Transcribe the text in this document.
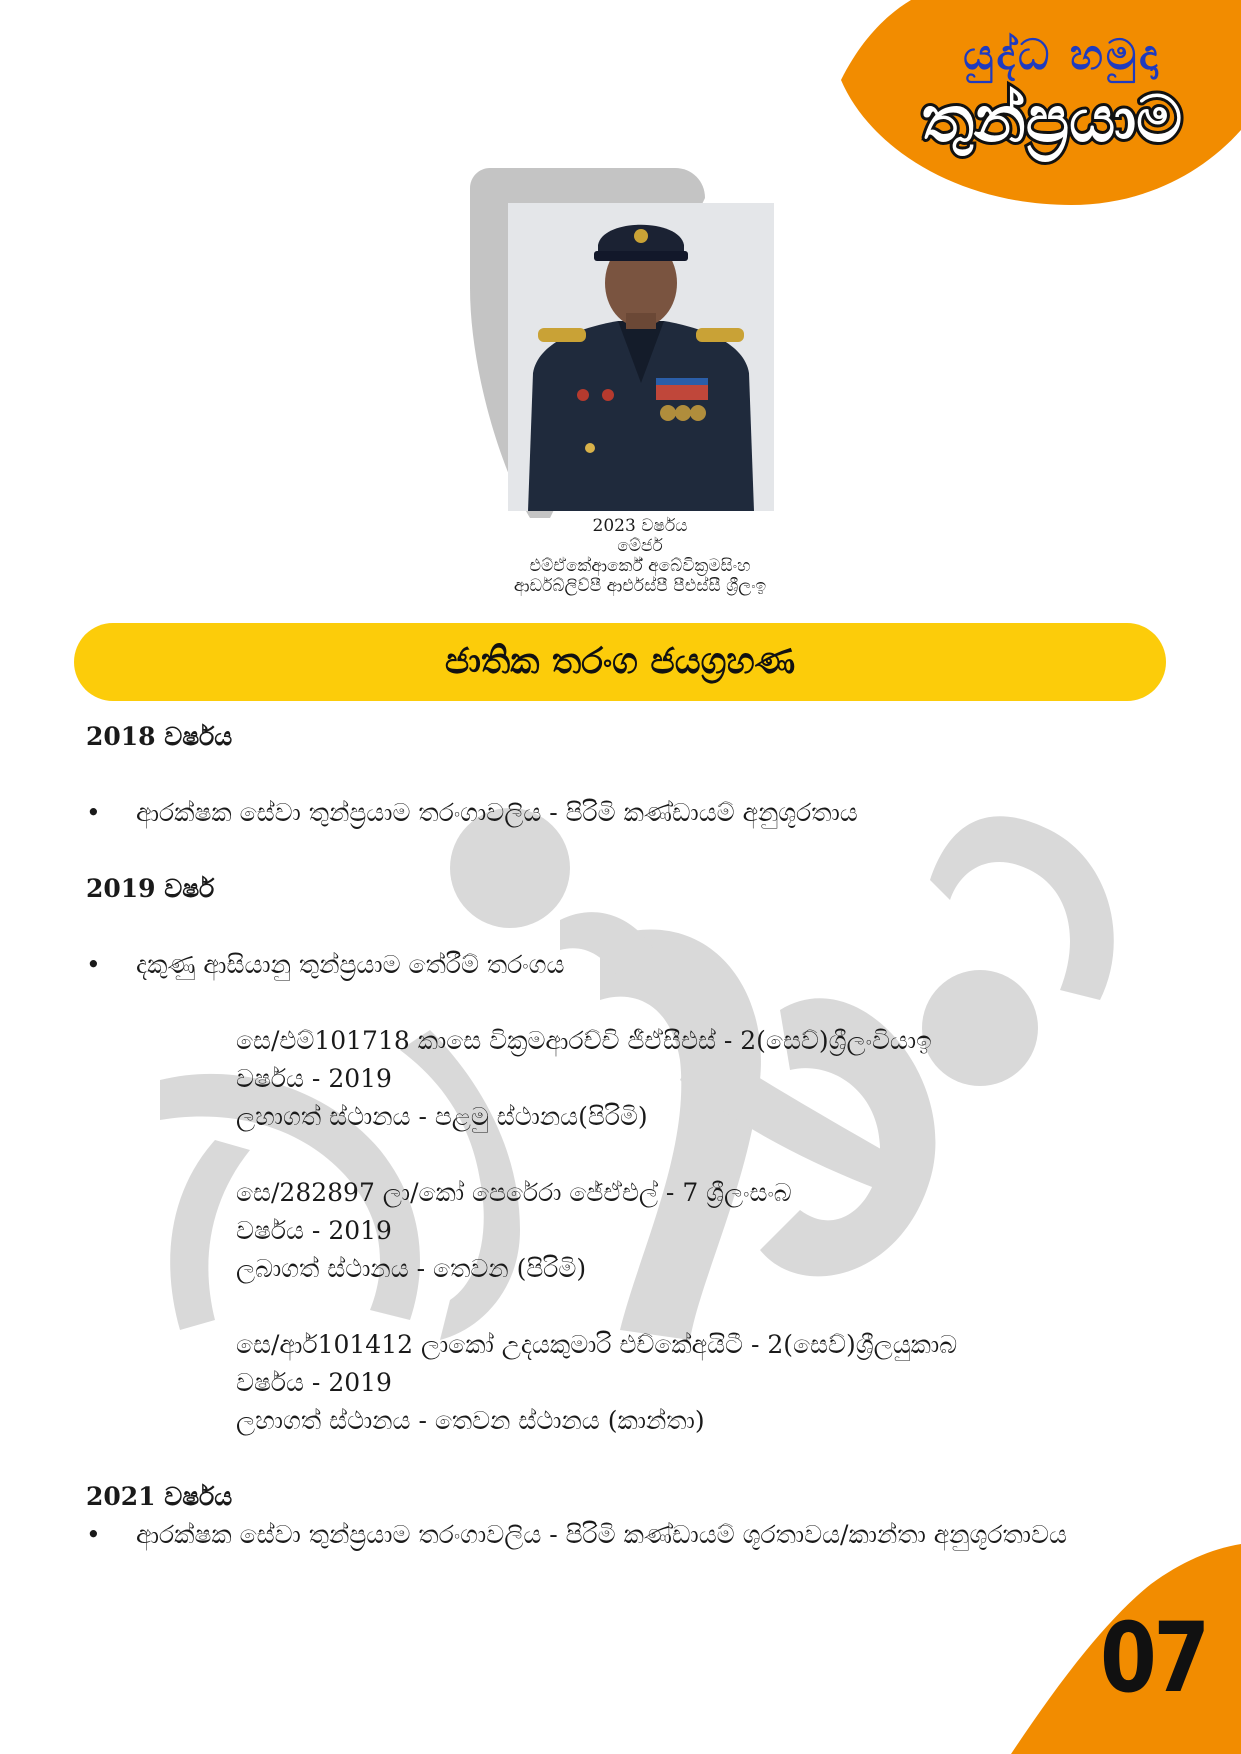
යුද්ධ හමුදා
තුන්ප්‍රයාම
2023 වර්ෂය
මේජර්
එම්ඒකේආර්කේ අබේවික්‍රමසිංහ
ආර්ඩබ්ලිව්පී ආර්එස්පී පීඑස්සී ශ්‍රීලංඉ
ජාතික තරංග ජයග්‍රහණ
2018 වර්ෂය
• ආරක්ෂක සේවා තුන්ප්‍රයාම තරංගාවලිය - පිරිමි කණ්ඩායම් අනුශූරතාය
2019 වර්ෂ
• දකුණු ආසියානු තුන්ප්‍රයාම තේරීම් තරංගය
සෙ/එම්101718 කාසෙ වික්‍රමආරච්චි ජීඒසීඑස් - 2(සෙව්)ශ්‍රීලංවියාඉ
වර්ෂය - 2019
ලහාගත් ස්ථානය - පළමු ස්ථානය(පිරිමි)
සෙ/282897 ලා/කෝ පෙරේරා ජේඒඑල් - 7 ශ්‍රීලංසංබ
වර්ෂය - 2019
ලබාගත් ස්ථානය - තෙවන (පිරිමි)
සෙ/ආර්101412 ලාකෝ උදයකුමාරි එච්කේඅයිටී - 2(සෙව්)ශ්‍රීලයුකාබ
වර්ෂය - 2019
ලහාගත් ස්ථානය - තෙවන ස්ථානය (කාන්තා)
2021 වර්ෂය
• ආරක්ෂක සේවා තුන්ප්‍රයාම තරංගාවලිය - පිරිමි කණ්ඩායම් ශූරතාවය/කාන්තා අනුශූරතාවය
07
